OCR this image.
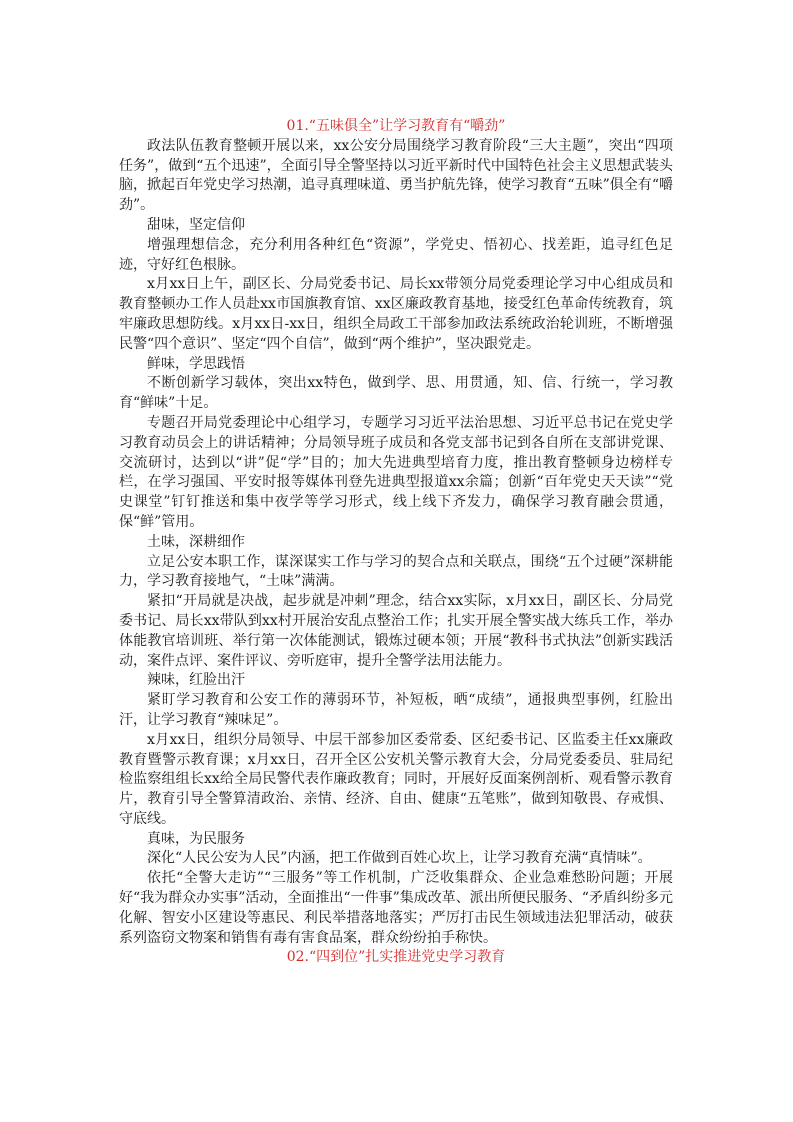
01.“五味俱全”让学习教育有“嚼劲”

政法队伍教育整顿开展以来，xx公安分局围绕学习教育阶段“三大主题”，突出“四项任务”，做到“五个迅速”，全面引导全警坚持以习近平新时代中国特色社会主义思想武装头脑，掀起百年党史学习热潮，追寻真理味道、勇当护航先锋，使学习教育“五味”俱全有“嚼劲”。

甜味，坚定信仰

增强理想信念，充分利用各种红色“资源”，学党史、悟初心、找差距，追寻红色足迹，守好红色根脉。

x月xx日上午，副区长、分局党委书记、局长xx带领分局党委理论学习中心组成员和教育整顿办工作人员赴xx市国旗教育馆、xx区廉政教育基地，接受红色革命传统教育，筑牢廉政思想防线。x月xx日-xx日，组织全局政工干部参加政法系统政治轮训班，不断增强民警“四个意识”、坚定“四个自信”，做到“两个维护”，坚决跟党走。

鲜味，学思践悟

不断创新学习载体，突出xx特色，做到学、思、用贯通，知、信、行统一，学习教育“鲜味”十足。

专题召开局党委理论中心组学习，专题学习习近平法治思想、习近平总书记在党史学习教育动员会上的讲话精神；分局领导班子成员和各党支部书记到各自所在支部讲党课、交流研讨，达到以“讲”促“学”目的；加大先进典型培育力度，推出教育整顿身边榜样专栏，在学习强国、平安时报等媒体刊登先进典型报道xx余篇；创新“百年党史天天读”“党史课堂”钉钉推送和集中夜学等学习形式，线上线下齐发力，确保学习教育融会贯通，保“鲜”管用。

土味，深耕细作

立足公安本职工作，谋深谋实工作与学习的契合点和关联点，围绕“五个过硬”深耕能力，学习教育接地气，“土味”满满。

紧扣“开局就是决战，起步就是冲刺”理念，结合xx实际，x月xx日，副区长、分局党委书记、局长xx带队到xx村开展治安乱点整治工作；扎实开展全警实战大练兵工作，举办体能教官培训班、举行第一次体能测试，锻炼过硬本领；开展“教科书式执法”创新实践活动，案件点评、案件评议、旁听庭审，提升全警学法用法能力。

辣味，红脸出汗

紧盯学习教育和公安工作的薄弱环节，补短板，晒“成绩”，通报典型事例，红脸出汗，让学习教育“辣味足”。

x月xx日，组织分局领导、中层干部参加区委常委、区纪委书记、区监委主任xx廉政教育暨警示教育课；x月xx日，召开全区公安机关警示教育大会，分局党委委员、驻局纪检监察组组长xx给全局民警代表作廉政教育；同时，开展好反面案例剖析、观看警示教育片，教育引导全警算清政治、亲情、经济、自由、健康“五笔账”，做到知敬畏、存戒惧、守底线。

真味，为民服务

深化“人民公安为人民”内涵，把工作做到百姓心坎上，让学习教育充满“真情味”。

依托“全警大走访”“三服务”等工作机制，广泛收集群众、企业急难愁盼问题；开展好“我为群众办实事”活动，全面推出“一件事”集成改革、派出所便民服务、“矛盾纠纷多元化解、智安小区建设等惠民、利民举措落地落实；严厉打击民生领域违法犯罪活动，破获系列盗窃文物案和销售有毒有害食品案，群众纷纷拍手称快。

02.“四到位”扎实推进党史学习教育
